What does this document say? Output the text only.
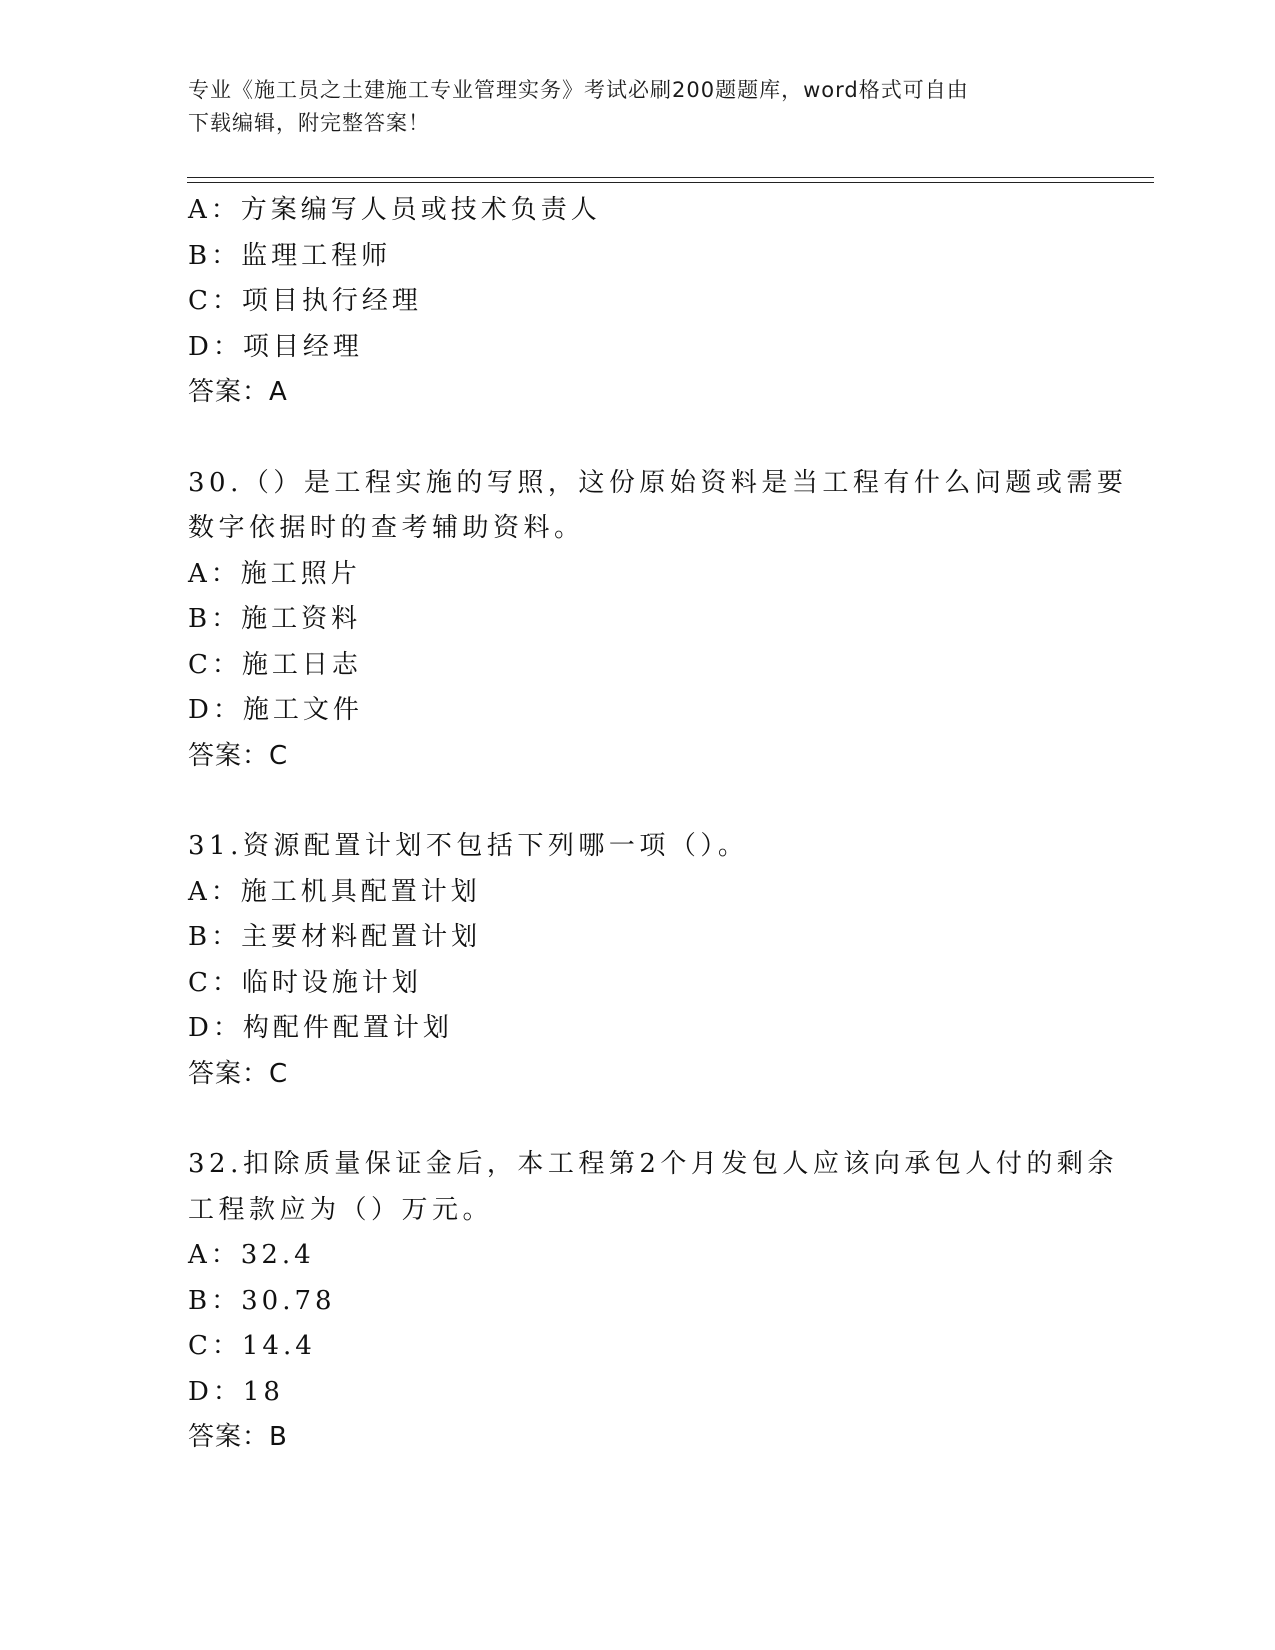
专业《施工员之土建施工专业管理实务》考试必刷200题题库，word格式可自由
下载编辑，附完整答案！
A：方案编写人员或技术负责人
B：监理工程师
C：项目执行经理
D：项目经理
答案：A
30.（）是工程实施的写照，这份原始资料是当工程有什么问题或需要
数字依据时的查考辅助资料。
A：施工照片
B：施工资料
C：施工日志
D：施工文件
答案：C
31.资源配置计划不包括下列哪一项（）。
A：施工机具配置计划
B：主要材料配置计划
C：临时设施计划
D：构配件配置计划
答案：C
32.扣除质量保证金后，本工程第2个月发包人应该向承包人付的剩余
工程款应为（）万元。
A：32.4
B：30.78
C：14.4
D：18
答案：B
